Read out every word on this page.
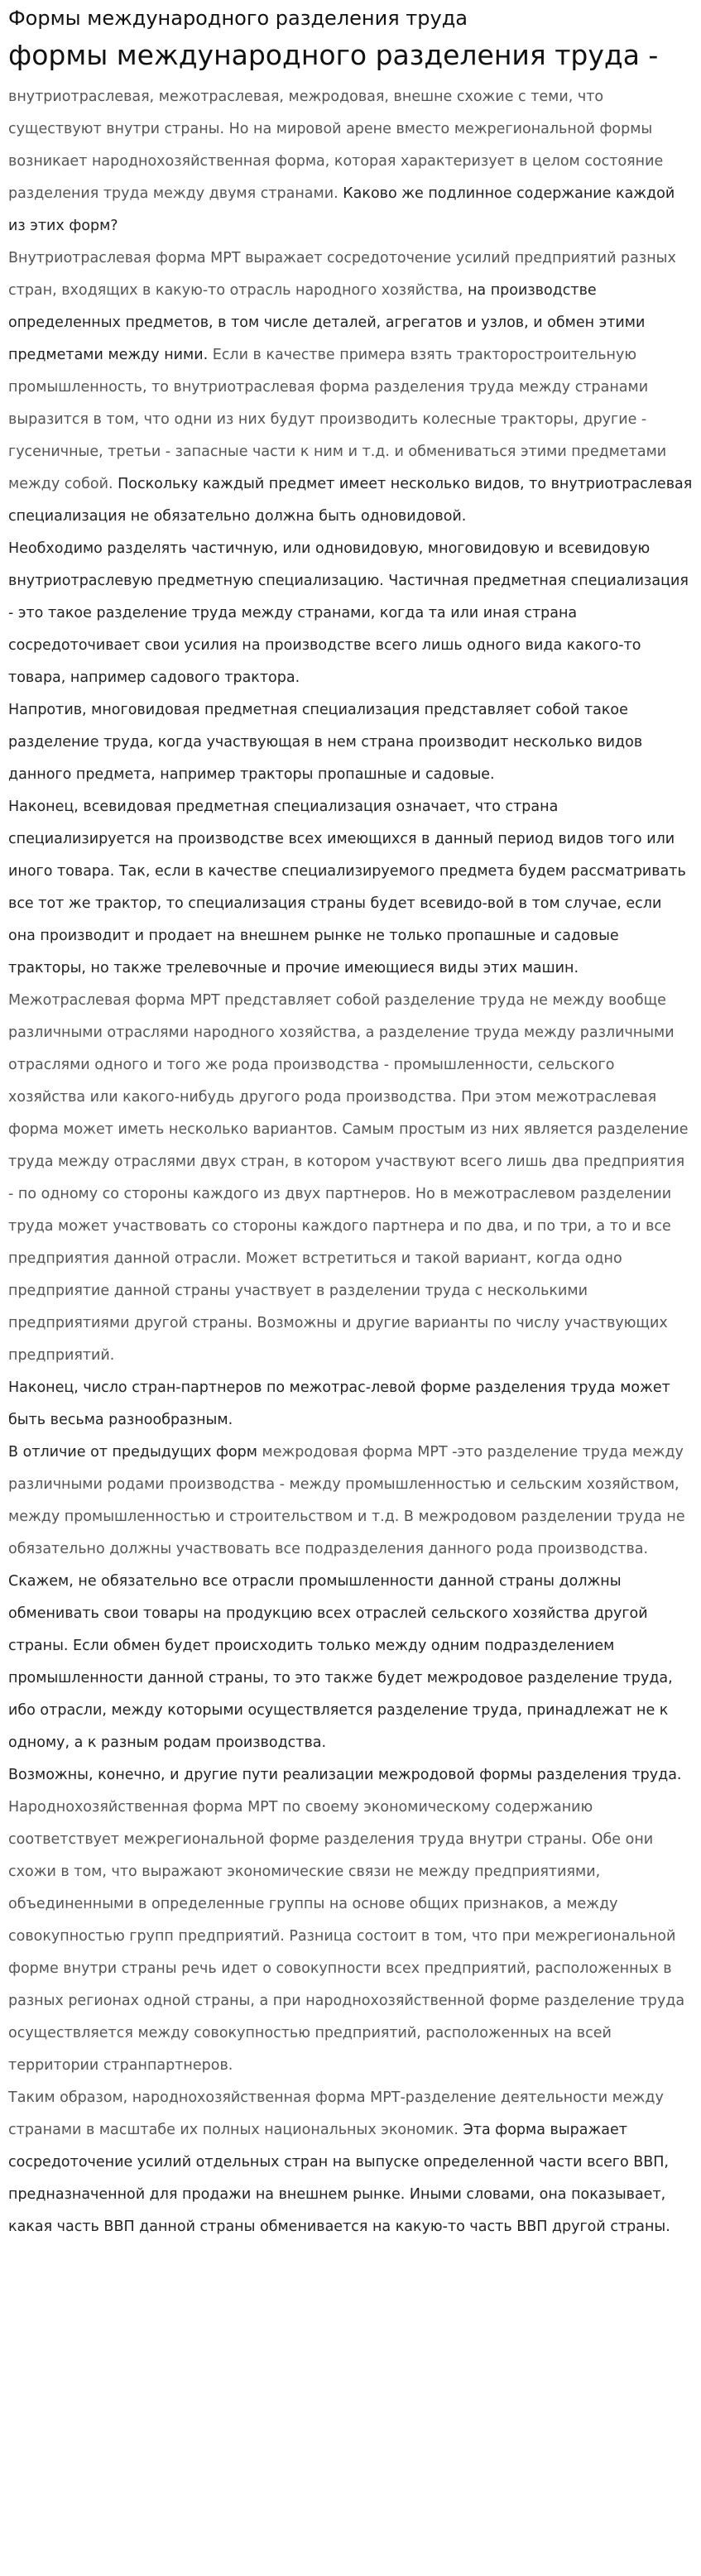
Формы международного разделения труда
формы международного разделения труда -

внутриотраслевая, межотраслевая, межродовая, внешне схожие с теми, что существуют внутри страны. Но на мировой арене вместо межрегиональной формы возникает народнохозяйственная форма, которая характеризует в целом состояние разделения труда между двумя странами. Каково же подлинное содержание каждой из этих форм?

Внутриотраслевая форма МРТ выражает сосредоточение усилий предприятий разных стран, входящих в какую-то отрасль народного хозяйства, на производстве определенных предметов, в том числе деталей, агрегатов и узлов, и обмен этими предметами между ними. Если в качестве примера взять тракторостроительную промышленность, то внутриотраслевая форма разделения труда между странами выразится в том, что одни из них будут производить колесные тракторы, другие - гусеничные, третьи - запасные части к ним и т.д. и обмениваться этими предметами между собой. Поскольку каждый предмет имеет несколько видов, то внутриотраслевая специализация не обязательно должна быть одновидовой.

Необходимо разделять частичную, или одновидовую, многовидовую и всевидовую внутриотраслевую предметную специализацию. Частичная предметная специализация - это такое разделение труда между странами, когда та или иная страна сосредоточивает свои усилия на производстве всего лишь одного вида какого-то товара, например садового трактора.

Напротив, многовидовая предметная специализация представляет собой такое разделение труда, когда участвующая в нем страна производит несколько видов данного предмета, например тракторы пропашные и садовые.

Наконец, всевидовая предметная специализация означает, что страна специализируется на производстве всех имеющихся в данный период видов того или иного товара. Так, если в качестве специализируемого предмета будем рассматривать все тот же трактор, то специализация страны будет всевидо-вой в том случае, если она производит и продает на внешнем рынке не только пропашные и садовые тракторы, но также трелевочные и прочие имеющиеся виды этих машин.

Межотраслевая форма МРТ представляет собой разделение труда не между вообще различными отраслями народного хозяйства, а разделение труда между различными отраслями одного и того же рода производства - промышленности, сельского хозяйства или какого-нибудь другого рода производства. При этом межотраслевая форма может иметь несколько вариантов. Самым простым из них является разделение труда между отраслями двух стран, в котором участвуют всего лишь два предприятия - по одному со стороны каждого из двух партнеров. Но в межотраслевом разделении труда может участвовать со стороны каждого партнера и по два, и по три, а то и все предприятия данной отрасли. Может встретиться и такой вариант, когда одно предприятие данной страны участвует в разделении труда с несколькими предприятиями другой страны. Возможны и другие варианты по числу участвующих предприятий.

Наконец, число стран-партнеров по межотрас-левой форме разделения труда может быть весьма разнообразным.

В отличие от предыдущих форм межродовая форма МРТ -это разделение труда между различными родами производства - между промышленностью и сельским хозяйством, между промышленностью и строительством и т.д. В межродовом разделении труда не обязательно должны участвовать все подразделения данного рода производства. Скажем, не обязательно все отрасли промышленности данной страны должны обменивать свои товары на продукцию всех отраслей сельского хозяйства другой страны. Если обмен будет происходить только между одним подразделением промышленности данной страны, то это также будет межродовое разделение труда, ибо отрасли, между которыми осуществляется разделение труда, принадлежат не к одному, а к разным родам производства.

Возможны, конечно, и другие пути реализации межродовой формы разделения труда. Народнохозяйственная форма МРТ по своему экономическому содержанию соответствует межрегиональной форме разделения труда внутри страны. Обе они схожи в том, что выражают экономические связи не между предприятиями, объединенными в определенные группы на основе общих признаков, а между совокупностью групп предприятий. Разница состоит в том, что при межрегиональной форме внутри страны речь идет о совокупности всех предприятий, расположенных в разных регионах одной страны, а при народнохозяйственной форме разделение труда осуществляется между совокупностью предприятий, расположенных на всей территории странпартнеров.

Таким образом, народнохозяйственная форма МРТ-разделение деятельности между странами в масштабе их полных национальных экономик. Эта форма выражает сосредоточение усилий отдельных стран на выпуске определенной части всего ВВП, предназначенной для продажи на внешнем рынке. Иными словами, она показывает, какая часть ВВП данной страны обменивается на какую-то часть ВВП другой страны.
